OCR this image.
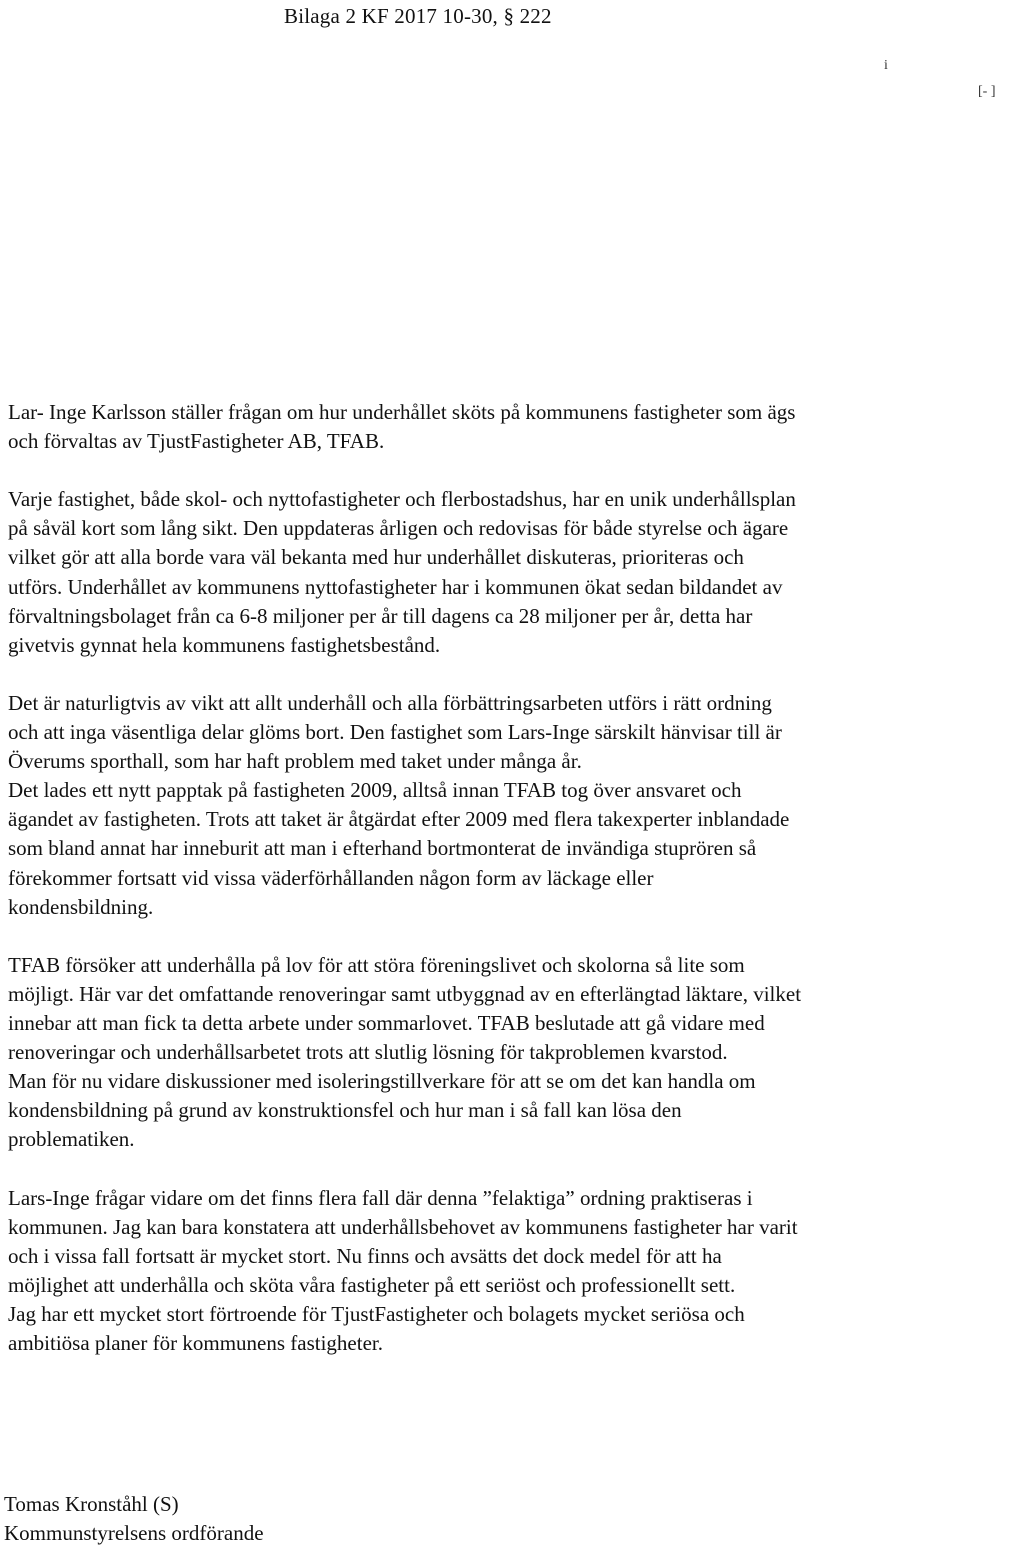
Bilaga 2 KF 2017 10-30, § 222
i
[- ]

Lar- Inge Karlsson ställer frågan om hur underhållet sköts på kommunens fastigheter som ägs
och förvaltas av TjustFastigheter AB, TFAB.

Varje fastighet, både skol- och nyttofastigheter och flerbostadshus, har en unik underhållsplan
på såväl kort som lång sikt. Den uppdateras årligen och redovisas för både styrelse och ägare
vilket gör att alla borde vara väl bekanta med hur underhållet diskuteras, prioriteras och
utförs. Underhållet av kommunens nyttofastigheter har i kommunen ökat sedan bildandet av
förvaltningsbolaget från ca 6-8 miljoner per år till dagens ca 28 miljoner per år, detta har
givetvis gynnat hela kommunens fastighetsbestånd.

Det är naturligtvis av vikt att allt underhåll och alla förbättringsarbeten utförs i rätt ordning
och att inga väsentliga delar glöms bort. Den fastighet som Lars-Inge särskilt hänvisar till är
Överums sporthall, som har haft problem med taket under många år.
Det lades ett nytt papptak på fastigheten 2009, alltså innan TFAB tog över ansvaret och
ägandet av fastigheten. Trots att taket är åtgärdat efter 2009 med flera takexperter inblandade
som bland annat har inneburit att man i efterhand bortmonterat de invändiga stuprören så
förekommer fortsatt vid vissa väderförhållanden någon form av läckage eller
kondensbildning.

TFAB försöker att underhålla på lov för att störa föreningslivet och skolorna så lite som
möjligt. Här var det omfattande renoveringar samt utbyggnad av en efterlängtad läktare, vilket
innebar att man fick ta detta arbete under sommarlovet. TFAB beslutade att gå vidare med
renoveringar och underhållsarbetet trots att slutlig lösning för takproblemen kvarstod.
Man för nu vidare diskussioner med isoleringstillverkare för att se om det kan handla om
kondensbildning på grund av konstruktionsfel och hur man i så fall kan lösa den
problematiken.

Lars-Inge frågar vidare om det finns flera fall där denna ”felaktiga” ordning praktiseras i
kommunen. Jag kan bara konstatera att underhållsbehovet av kommunens fastigheter har varit
och i vissa fall fortsatt är mycket stort. Nu finns och avsätts det dock medel för att ha
möjlighet att underhålla och sköta våra fastigheter på ett seriöst och professionellt sett.
Jag har ett mycket stort förtroende för TjustFastigheter och bolagets mycket seriösa och
ambitiösa planer för kommunens fastigheter.

Tomas Kronståhl (S)
Kommunstyrelsens ordförande
